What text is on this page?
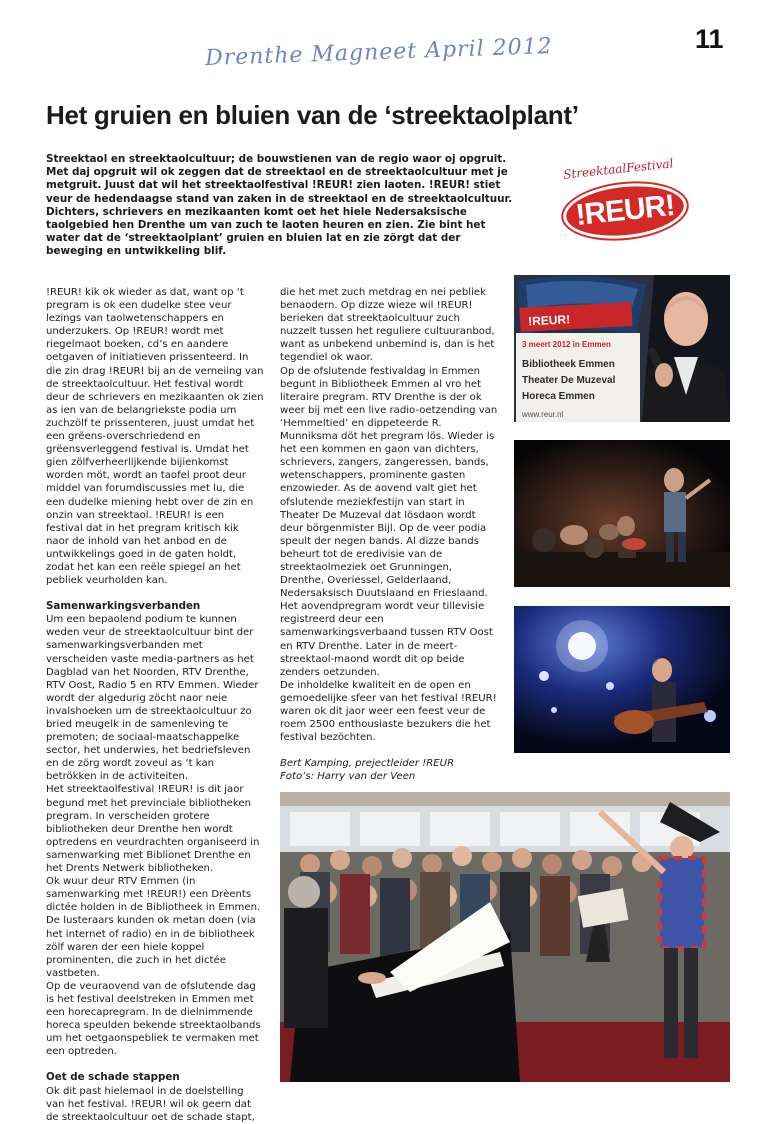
11
Drenthe Magneet April 2012
Het gruien en bluien van de ‘streektaolplant’

Streektaol en streektaolcultuur; de bouwstienen van de regio waor oj opgruit. Met daj opgruit wil ok zeggen dat de streektaol en de streektaolcultuur met je metgruit. Juust dat wil het streektaolfestival !REUR! zien laoten. !REUR! stiet veur de hedendaagse stand van zaken in de streektaol en de streektaolcultuur. Dichters, schrievers en mezikaanten komt oet het hiele Nedersaksische taolgebied hen Drenthe um van zuch te laoten heuren en zien. Zie bint het water dat de ‘streektaolplant’ gruien en bluien lat en zie zörgt dat der beweging en untwikkeling blif.

StreektaalFestival
!REUR!

!REUR! kik ok wieder as dat, want op ‘t pregram is ok een dudelke stee veur lezings van taolwetenschappers en underzukers. Op !REUR! wordt met riegelmaot boeken, cd’s en aandere oetgaven of initiatieven prissenteerd. In die zin drag !REUR! bij an de verneiing van de streektaolcultuur. Het festival wordt deur de schrievers en mezikaanten ok zien as ien van de belangriekste podia um zuchzölf te prissenteren, juust umdat het een grëens-overschriedend en grëensverleggend festival is. Umdat het gien zölfverheerlijkende bijienkomst worden möt, wordt an taofel proot deur middel van forumdiscussies met lu, die een dudelke miening hebt over de zin en onzin van streektaol. !REUR! is een festival dat in het pregram kritisch kik naor de inhold van het anbod en de untwikkelings goed in de gaten holdt, zodat het kan een reële spiegel an het pebliek veurholden kan.

Samenwarkingsverbanden

Um een bepaolend podium te kunnen weden veur de streektaolcultuur bint der samenwarkingsverbanden met verscheiden vaste media-partners as het Dagblad van het Noorden, RTV Drenthe, RTV Oost, Radio 5 en RTV Emmen. Wieder wordt der algedurig zöcht naor neie invalshoeken um de streektaolcultuur zo bried meugelk in de samenleving te premoten; de sociaal-maatschappelke sector, het underwies, het bedriefsleven en de zörg wordt zoveul as ‘t kan betrökken in de activiteiten.

Het streektaolfestival !REUR! is dit jaor begund met het previnciale bibliotheken pregram. In verscheiden grotere bibliotheken deur Drenthe hen wordt optredens en veurdrachten organiseerd in samenwarking met Biblionet Drenthe en het Drents Netwerk bibliotheken.

Ok wuur deur RTV Emmen (in samenwarking met !REUR!) een Drèents dictée holden in de Bibliotheek in Emmen. De lusteraars kunden ok metan doen (via het internet of radio) en in de bibliotheek zölf waren der een hiele koppel prominenten, die zuch in het dictée vastbeten.

Op de veuraovend van de ofslutende dag is het festival deelstreken in Emmen met een horecapregram. In de dielnimmende horeca speulden bekende streektaolbands um het oetgaonspebliek te vermaken met een optreden.

Oet de schade stappen

Ok dit past hielemaol in de doelstelling van het festival. !REUR! wil ok geern dat de streektaolcultuur oet de schade stapt,

die het met zuch metdrag en nei pebliek benaodern. Op dizze wieze wil !REUR! berieken dat streektaolcultuur zuch nuzzelt tussen het reguliere cultuuranbod, want as unbekend unbemind is, dan is het tegendiel ok waor.

Op de ofslutende festivaldag in Emmen begunt in Bibliotheek Emmen al vro het literaire pregram. RTV Drenthe is der ok weer bij met een live radio-oetzending van ‘Hemmeltied’ en dippeteerde R. Munniksma döt het pregram lös. Wieder is het een kommen en gaon van dichters, schrievers, zangers, zangeressen, bands, wetenschappers, prominente gasten enzowieder. As de aovend valt giet het ofslutende meziekfestijn van start in Theater De Muzeval dat lösdaon wordt deur börgenmister Bijl. Op de veer podia speult der negen bands. Al dizze bands beheurt tot de eredivisie van de streektaolmeziek oet Grunningen, Drenthe, Overiessel, Gelderlaand, Nedersaksisch Duutslaand en Frieslaand. Het aovendpregram wordt veur tillevisie registreerd deur een samenwarkingsverbaand tussen RTV Oost en RTV Drenthe. Later in de meert-streektaol-maond wordt dit op beide zenders oetzunden.

De inholdelke kwaliteit en de open en gemoedelijke sfeer van het festival !REUR! waren ok dit jaor weer een feest veur de roem 2500 enthousiaste bezukers die het festival bezöchten.

Bert Kamping, prejectleider !REUR

Foto’s: Harry van der Veen

!REUR!
3 meert 2012 in Emmen
Bibliotheek Emmen
Theater De Muzeval
Horeca Emmen
www.reur.nl
